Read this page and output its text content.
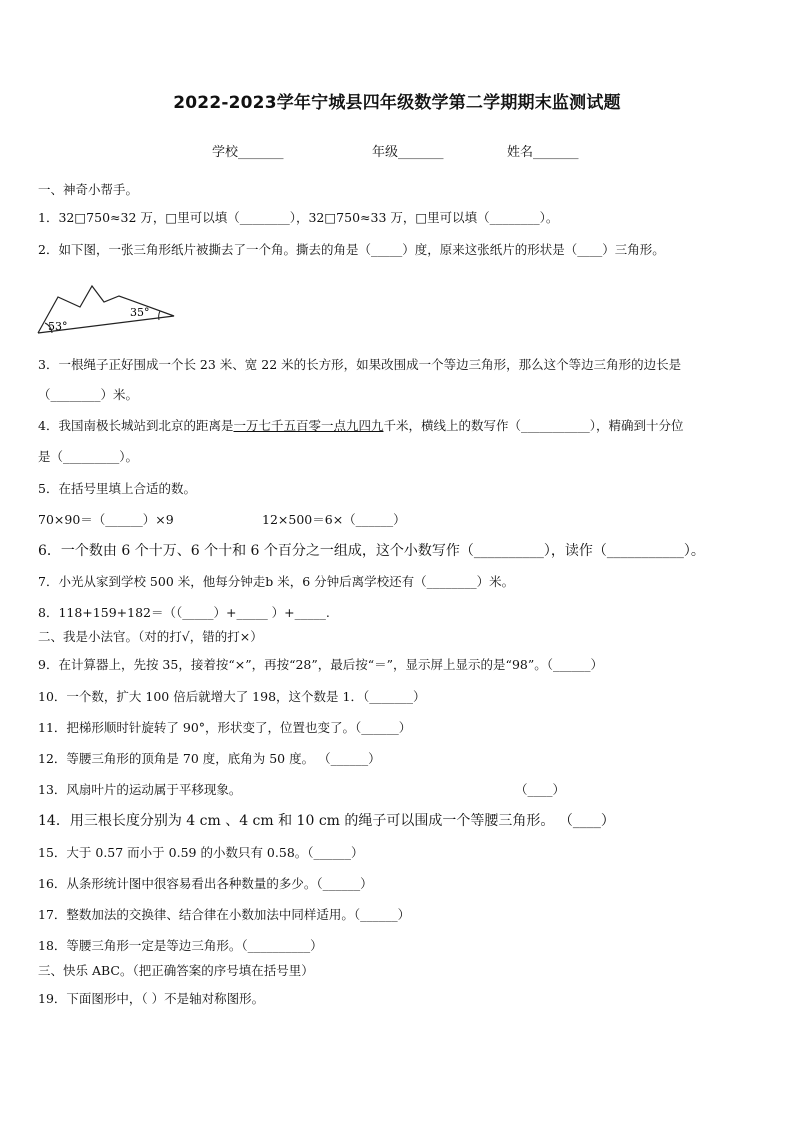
2022-2023学年宁城县四年级数学第二学期期末监测试题
学校_______	年级_______	姓名_______
一、神奇小帮手。
1．32□750≈32 万，□里可以填（________），32□750≈33 万，□里可以填（________）。
2．如下图，一张三角形纸片被撕去了一个角。撕去的角是（_____）度，原来这张纸片的形状是（____）三角形。
53°
35°
3．一根绳子正好围成一个长 23 米、宽 22 米的长方形，如果改围成一个等边三角形，那么这个等边三角形的边长是
（________）米。
4．我国南极长城站到北京的距离是一万七千五百零一点九四九千米，横线上的数写作（___________），精确到十分位
是（_________）。
5．在括号里填上合适的数。
70×90＝（______）×9	12×500＝6×（______）
6．一个数由 6 个十万、6 个十和 6 个百分之一组成，这个小数写作（__________），读作（___________）。
7．小光从家到学校 500 米，他每分钟走b 米，6 分钟后离学校还有（________）米。
8．118+159+182＝（（_____）+_____ ）+_____.
二、我是小法官。（对的打√，错的打×）
9．在计算器上，先按 35，接着按“×”，再按“28”，最后按“＝”，显示屏上显示的是“98”。（______）
10．一个数，扩大 100 倍后就增大了 198，这个数是 1．（_______）
11．把梯形顺时针旋转了 90°，形状变了，位置也变了。（______）
12．等腰三角形的顶角是 70 度，底角为 50 度。 （______）
13．风扇叶片的运动属于平移现象。	（____）
14．用三根长度分别为 4 cm 、4 cm 和 10 cm 的绳子可以围成一个等腰三角形。 （____）
15．大于 0.57 而小于 0.59 的小数只有 0.58。（______）
16．从条形统计图中很容易看出各种数量的多少。（______）
17．整数加法的交换律、结合律在小数加法中同样适用。（______）
18．等腰三角形一定是等边三角形。（__________）
三、快乐 ABC。（把正确答案的序号填在括号里）
19．下面图形中，（ ）不是轴对称图形。
